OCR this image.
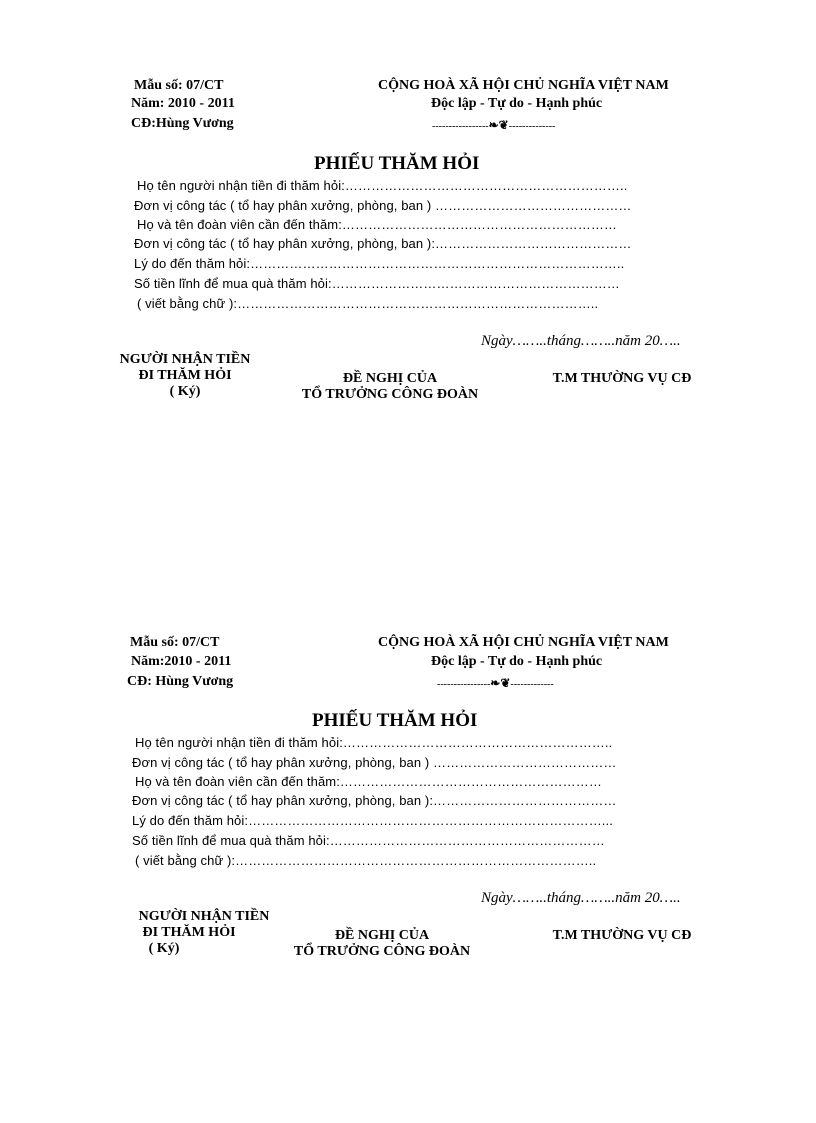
Mẫu số: 07/CT
Năm: 2010 - 2011
CĐ:Hùng Vương
CỘNG HOÀ XÃ HỘI CHỦ NGHĨA VIỆT NAM
Độc lập - Tự do - Hạnh phúc
-----------------❧❦--------------
PHIẾU THĂM HỎI
Họ tên người nhận tiền đi thăm hỏi:………………………………………………………..
Đơn vị công tác ( tổ hay phân xưởng, phòng, ban ) ………………………………………
Họ và tên đoàn viên cần đến thăm:………………………………………………………
Đơn vị công tác ( tổ hay phân xưởng, phòng, ban ):………………………………………
Lý do đến thăm hỏi:…………………………………………………………………………..
Số tiền lĩnh để mua quà thăm hỏi:…………………………………………………………
( viết bằng chữ ):………………………………………………………………………..
Ngày……..tháng……..năm 20…..
NGƯỜI NHẬN TIỀN
ĐI THĂM HỎI
( Ký)
ĐỀ NGHỊ CỦA
TỔ TRƯỞNG CÔNG ĐOÀN
T.M THƯỜNG VỤ CĐ
Mẫu số: 07/CT
Năm:2010 - 2011
CĐ: Hùng Vương
CỘNG HOÀ XÃ HỘI CHỦ NGHĨA VIỆT NAM
Độc lập - Tự do - Hạnh phúc
----------------❧❦-------------
PHIẾU THĂM HỎI
Họ tên người nhận tiền đi thăm hỏi:……………………………………………………..
Đơn vị công tác ( tổ hay phân xưởng, phòng, ban ) ……………………………………
Họ và tên đoàn viên cần đến thăm:……………………………………………………
Đơn vị công tác ( tổ hay phân xưởng, phòng, ban ):……………………………………
Lý do đến thăm hỏi:………………………………………………………………………...
Số tiền lĩnh để mua quà thăm hỏi:………………………………………………………
( viết bằng chữ ):………………………………………………………………………..
Ngày……..tháng……..năm 20…..
NGƯỜI NHẬN TIỀN
ĐI THĂM HỎI
( Ký)
ĐỀ NGHỊ CỦA
TỔ TRƯỞNG CÔNG ĐOÀN
T.M THƯỜNG VỤ CĐ
